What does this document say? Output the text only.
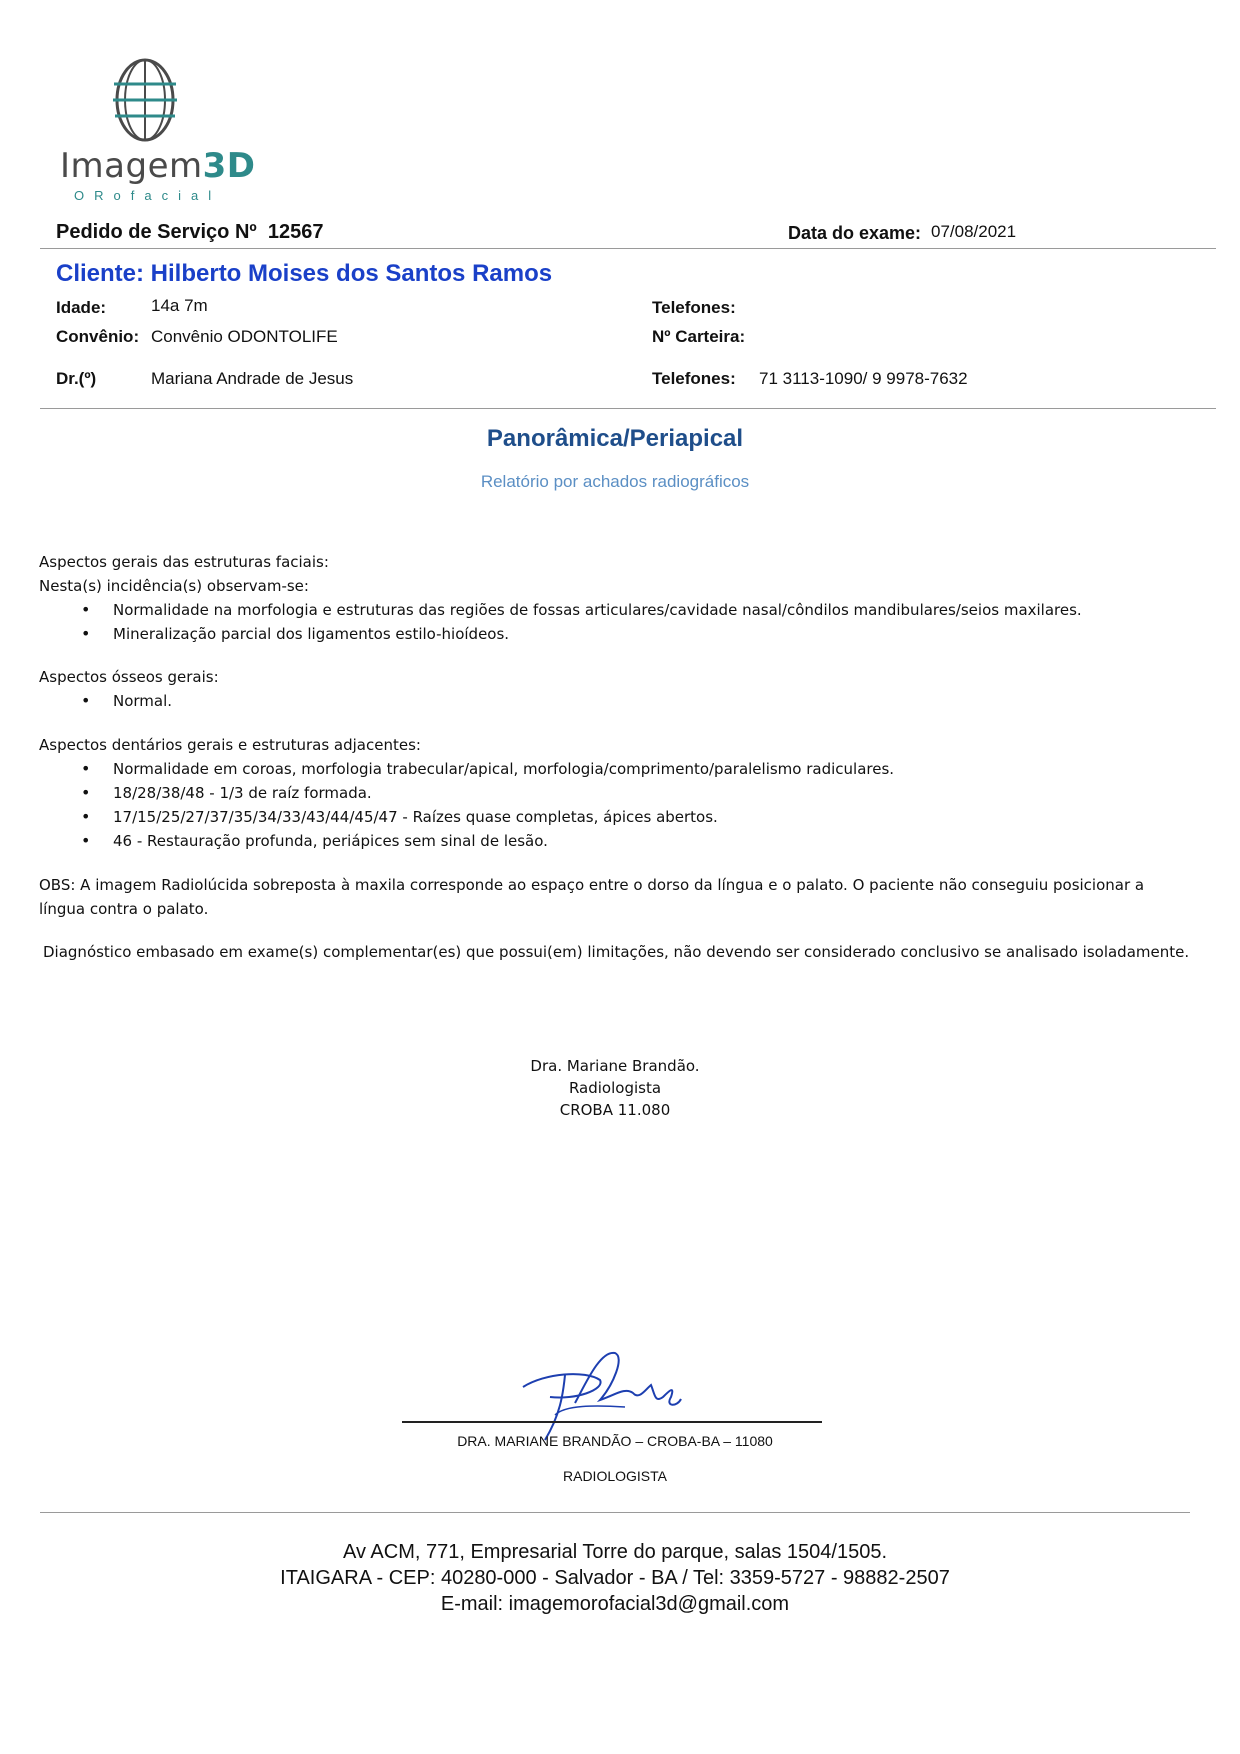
Imagem3D
ORofacial
Pedido de Serviço Nº 12567	Data do exame: 07/08/2021
Cliente: Hilberto Moises dos Santos Ramos
Idade:	14a 7m	Telefones:
Convênio: Convênio ODONTOLIFE	Nº Carteira:
Dr.(º)	Mariana Andrade de Jesus	Telefones: 71 3113-1090/ 9 9978-7632
Panorâmica/Periapical
Relatório por achados radiográficos
Aspectos gerais das estruturas faciais:
Nesta(s) incidência(s) observam-se:
• Normalidade na morfologia e estruturas das regiões de fossas articulares/cavidade nasal/côndilos mandibulares/seios maxilares.
• Mineralização parcial dos ligamentos estilo-hioídeos.
Aspectos ósseos gerais:
• Normal.
Aspectos dentários gerais e estruturas adjacentes:
• Normalidade em coroas, morfologia trabecular/apical, morfologia/comprimento/paralelismo radiculares.
• 18/28/38/48 - 1/3 de raíz formada.
• 17/15/25/27/37/35/34/33/43/44/45/47 - Raízes quase completas, ápices abertos.
• 46 - Restauração profunda, periápices sem sinal de lesão.
OBS: A imagem Radiolúcida sobreposta à maxila corresponde ao espaço entre o dorso da língua e o palato. O paciente não conseguiu posicionar a
língua contra o palato.
Diagnóstico embasado em exame(s) complementar(es) que possui(em) limitações, não devendo ser considerado conclusivo se analisado isoladamente.
Dra. Mariane Brandão.
Radiologista
CROBA 11.080
DRA. MARIANE BRANDÃO – CROBA-BA – 11080
RADIOLOGISTA
Av ACM, 771, Empresarial Torre do parque, salas 1504/1505.
ITAIGARA - CEP: 40280-000 - Salvador - BA / Tel: 3359-5727 - 98882-2507
E-mail: imagemorofacial3d@gmail.com
